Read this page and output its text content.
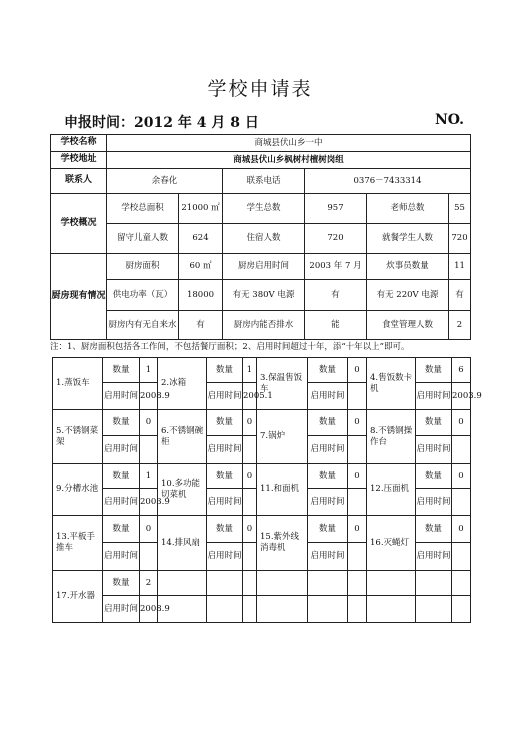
学校申请表
申报时间：2012 年 4 月 8 日	NO.
学校名称	商城县伏山乡一中					
学校地址	商城县伏山乡枫树村檀树岗组					
联系人	余春化		联系电话	0376－7433314		
学校概况	学校总面积	21000 ㎡	学生总数	957	老师总数	55
	留守儿童人数	624	住宿人数	720	就餐学生人数	720
厨房现有情况	厨房面积	60 ㎡	厨房启用时间	2003 年 7 月	炊事员数量	11
	供电功率（瓦）	18000	有无 380V 电源	有	有无 220V 电源	有
	厨房内有无自来水	有	厨房内能否排水	能	食堂管理人数	2
注：1、厨房面积包括各工作间，不包括餐厅面积；2、启用时间超过十年，添“十年以上”即可。
1.蒸饭车	数量	1	2.冰箱	数量	1	3.保温售饭车	数量	0	4.售饭数卡机	数量	6
	启用时间	2008.9		启用时间	2005.1		启用时间			启用时间	2003.9
5.不锈钢菜架	数量	0	6.不锈钢碗柜	数量	0	7.锅炉	数量	0	8.不锈钢操作台	数量	0
	启用时间			启用时间			启用时间			启用时间	
9.分槽水池	数量	1	10.多功能切菜机	数量	0	11.和面机	数量	0	12.压面机	数量	0
	启用时间	2003.9		启用时间			启用时间			启用时间	
13.平板手推车	数量	0	14.排风扇	数量	0	15.紫外线消毒机	数量	0	16.灭蝇灯	数量	0
	启用时间			启用时间			启用时间			启用时间	
17.开水器	数量	2									
	启用时间	2008.9									
